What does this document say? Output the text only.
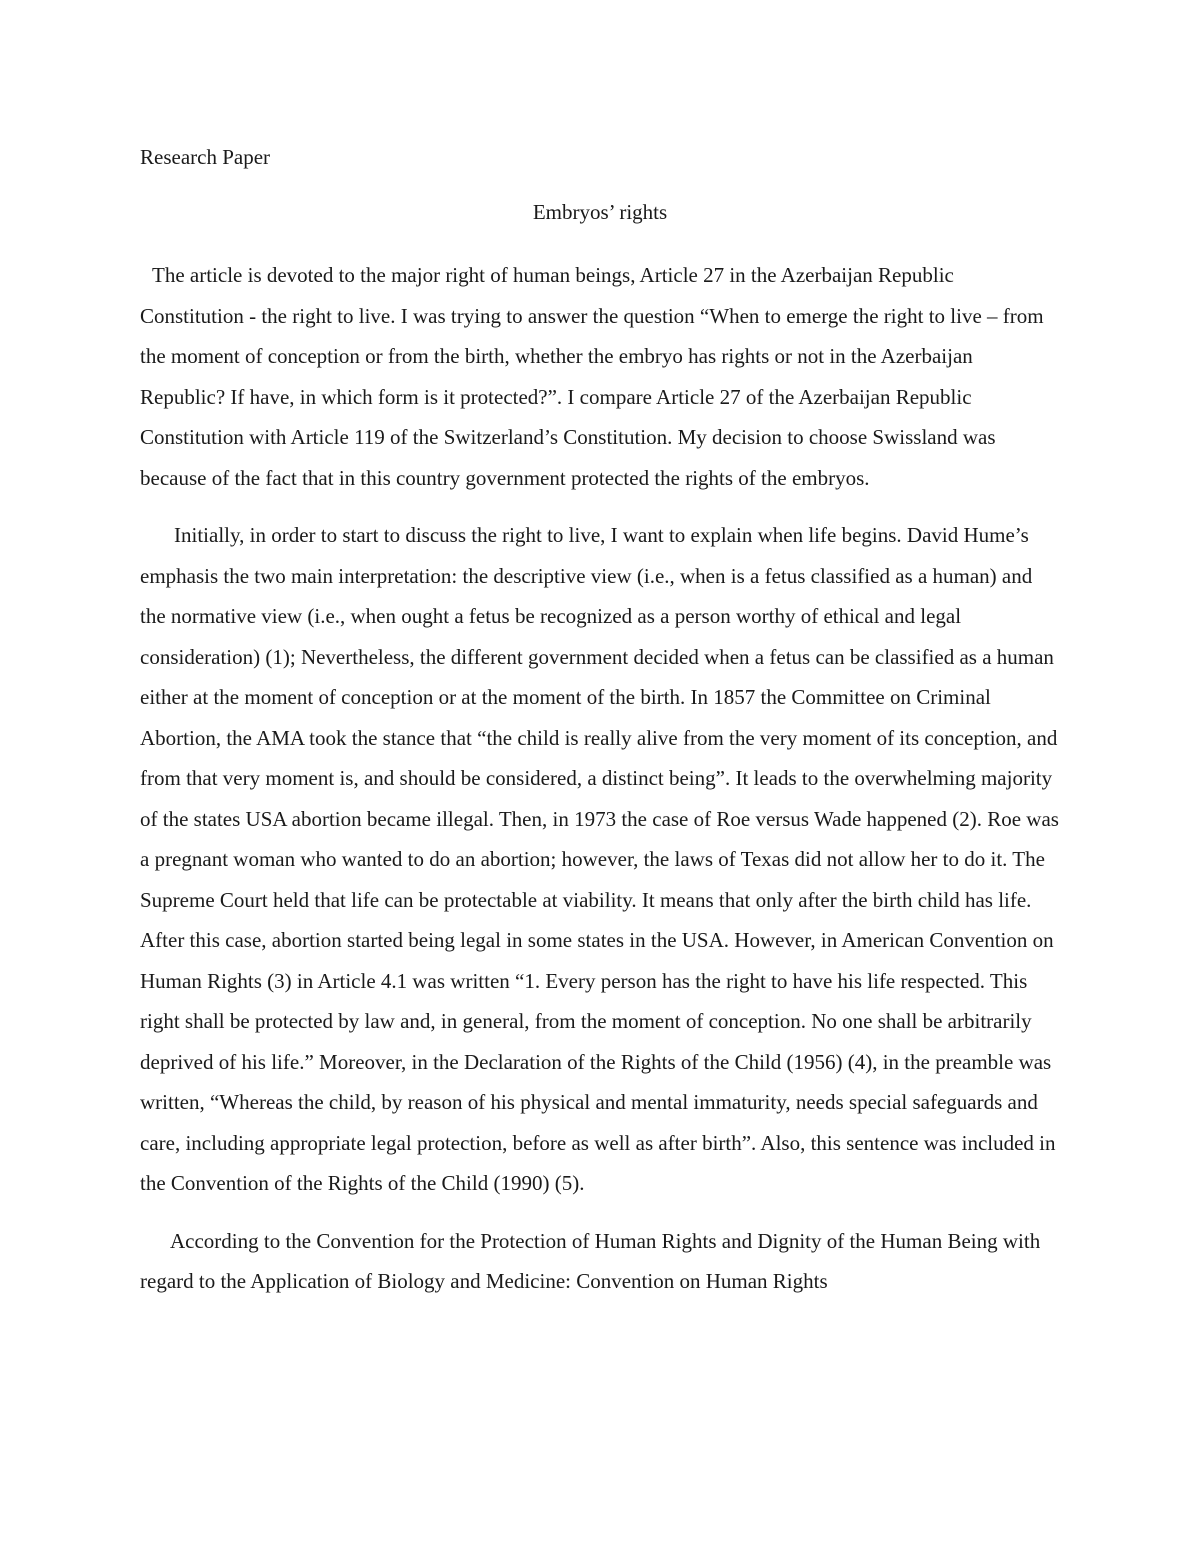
Research Paper
Embryos’ rights

The article is devoted to the major right of human beings, Article 27 in the Azerbaijan Republic Constitution - the right to live. I was trying to answer the question “When to emerge the right to live – from the moment of conception or from the birth, whether the embryo has rights or not in the Azerbaijan Republic? If have, in which form is it protected?”. I compare Article 27 of the Azerbaijan Republic Constitution with Article 119 of the Switzerland’s Constitution. My decision to choose Swissland was because of the fact that in this country government protected the rights of the embryos.

Initially, in order to start to discuss the right to live, I want to explain when life begins. David Hume’s emphasis the two main interpretation: the descriptive view (i.e., when is a fetus classified as a human) and the normative view (i.e., when ought a fetus be recognized as a person worthy of ethical and legal consideration) (1); Nevertheless, the different government decided when a fetus can be classified as a human either at the moment of conception or at the moment of the birth. In 1857 the Committee on Criminal Abortion, the AMA took the stance that “the child is really alive from the very moment of its conception, and from that very moment is, and should be considered, a distinct being”. It leads to the overwhelming majority of the states USA abortion became illegal. Then, in 1973 the case of Roe versus Wade happened (2). Roe was a pregnant woman who wanted to do an abortion; however, the laws of Texas did not allow her to do it. The Supreme Court held that life can be protectable at viability. It means that only after the birth child has life. After this case, abortion started being legal in some states in the USA. However, in American Convention on Human Rights (3) in Article 4.1 was written “1. Every person has the right to have his life respected. This right shall be protected by law and, in general, from the moment of conception. No one shall be arbitrarily deprived of his life.” Moreover, in the Declaration of the Rights of the Child (1956) (4), in the preamble was written, “Whereas the child, by reason of his physical and mental immaturity, needs special safeguards and care, including appropriate legal protection, before as well as after birth”. Also, this sentence was included in the Convention of the Rights of the Child (1990) (5).

According to the Convention for the Protection of Human Rights and Dignity of the Human Being with regard to the Application of Biology and Medicine: Convention on Human Rights
